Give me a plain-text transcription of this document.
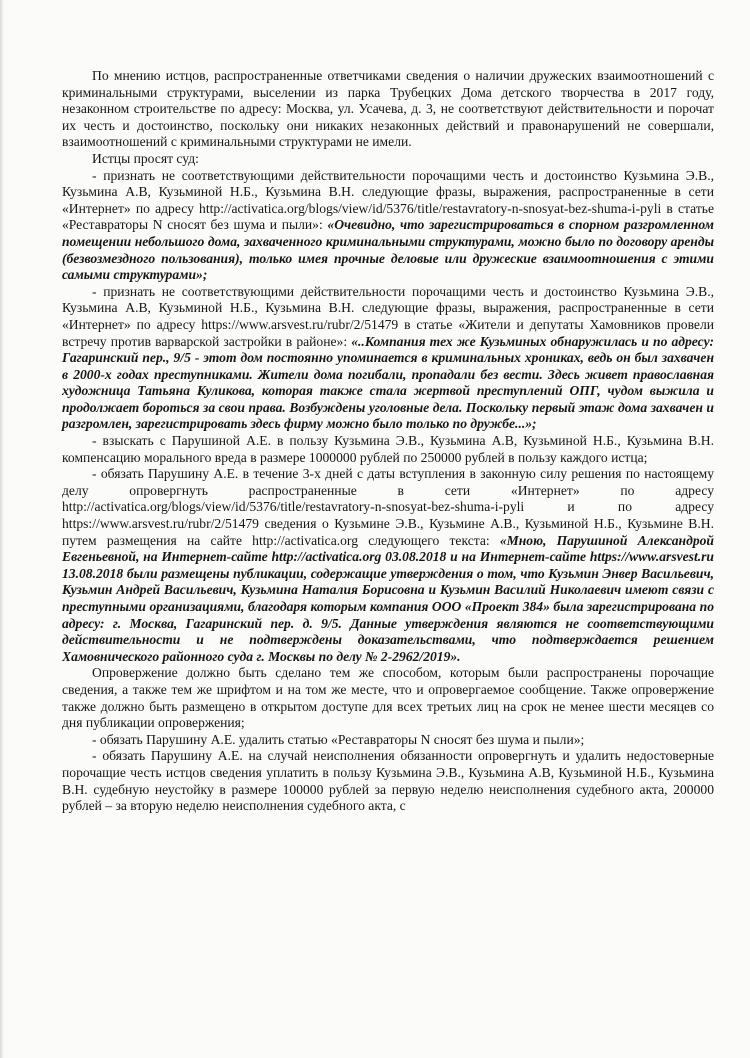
По мнению истцов, распространенные ответчиками сведения о наличии дружеских взаимоотношений с криминальными структурами, выселении из парка Трубецких Дома детского творчества в 2017 году, незаконном строительстве по адресу: Москва, ул. Усачева, д. 3, не соответствуют действительности и порочат их честь и достоинство, поскольку они никаких незаконных действий и правонарушений не совершали, взаимоотношений с криминальными структурами не имели.

Истцы просят суд:

- признать не соответствующими действительности порочащими честь и достоинство Кузьмина Э.В., Кузьмина А.В, Кузьминой Н.Б., Кузьмина В.Н. следующие фразы, выражения, распространенные в сети «Интернет» по адресу http://activatica.org/blogs/view/id/5376/title/restavratory-n-snosyat-bez-shuma-i-pyli в статье «Реставраторы N сносят без шума и пыли»: «Очевидно, что зарегистрироваться в спорном разгромленном помещении небольшого дома, захваченного криминальными структурами, можно было по договору аренды (безвозмездного пользования), только имея прочные деловые или дружеские взаимоотношения с этими самыми структурами»;

- признать не соответствующими действительности порочащими честь и достоинство Кузьмина Э.В., Кузьмина А.В, Кузьминой Н.Б., Кузьмина В.Н. следующие фразы, выражения, распространенные в сети «Интернет» по адресу https://www.arsvest.ru/rubr/2/51479 в статье «Жители и депутаты Хамовников провели встречу против варварской застройки в районе»: «..Компания тех же Кузьминых обнаружилась и по адресу: Гагаринский пер., 9/5 - этот дом постоянно упоминается в криминальных хрониках, ведь он был захвачен в 2000-х годах преступниками. Жители дома погибали, пропадали без вести. Здесь живет православная художница Татьяна Куликова, которая также стала жертвой преступлений ОПГ, чудом выжила и продолжает бороться за свои права. Возбуждены уголовные дела. Поскольку первый этаж дома захвачен и разгромлен, зарегистрировать здесь фирму можно было только по дружбе...»;

- взыскать с Парушиной А.Е. в пользу Кузьмина Э.В., Кузьмина А.В, Кузьминой Н.Б., Кузьмина В.Н. компенсацию морального вреда в размере 1000000 рублей по 250000 рублей в пользу каждого истца;

- обязать Парушину А.Е. в течение 3-х дней с даты вступления в законную силу решения по настоящему делу опровергнуть распространенные в сети «Интернет» по адресу http://activatica.org/blogs/view/id/5376/title/restavratory-n-snosyat-bez-shuma-i-pyli и по адресу https://www.arsvest.ru/rubr/2/51479 сведения о Кузьмине Э.В., Кузьмине А.В., Кузьминой Н.Б., Кузьмине В.Н. путем размещения на сайте http://activatica.org следующего текста: «Мною, Парушиной Александрой Евгеньевной, на Интернет-сайте http://activatica.org 03.08.2018 и на Интернет-сайте https://www.arsvest.ru 13.08.2018 были размещены публикации, содержащие утверждения о том, что Кузьмин Энвер Васильевич, Кузьмин Андрей Васильевич, Кузьмина Наталия Борисовна и Кузьмин Василий Николаевич имеют связи с преступными организациями, благодаря которым компания ООО «Проект 384» была зарегистрирована по адресу: г. Москва, Гагаринский пер. д. 9/5. Данные утверждения являются не соответствующими действительности и не подтверждены доказательствами, что подтверждается решением Хамовнического районного суда г. Москвы по делу № 2-2962/2019».

Опровержение должно быть сделано тем же способом, которым были распространены порочащие сведения, а также тем же шрифтом и на том же месте, что и опровергаемое сообщение. Также опровержение также должно быть размещено в открытом доступе для всех третьих лиц на срок не менее шести месяцев со дня публикации опровержения;

- обязать Парушину А.Е. удалить статью «Реставраторы N сносят без шума и пыли»;

- обязать Парушину А.Е. на случай неисполнения обязанности опровергнуть и удалить недостоверные порочащие честь истцов сведения уплатить в пользу Кузьмина Э.В., Кузьмина А.В, Кузьминой Н.Б., Кузьмина В.Н. судебную неустойку в размере 100000 рублей за первую неделю неисполнения судебного акта, 200000 рублей – за вторую неделю неисполнения судебного акта, с
